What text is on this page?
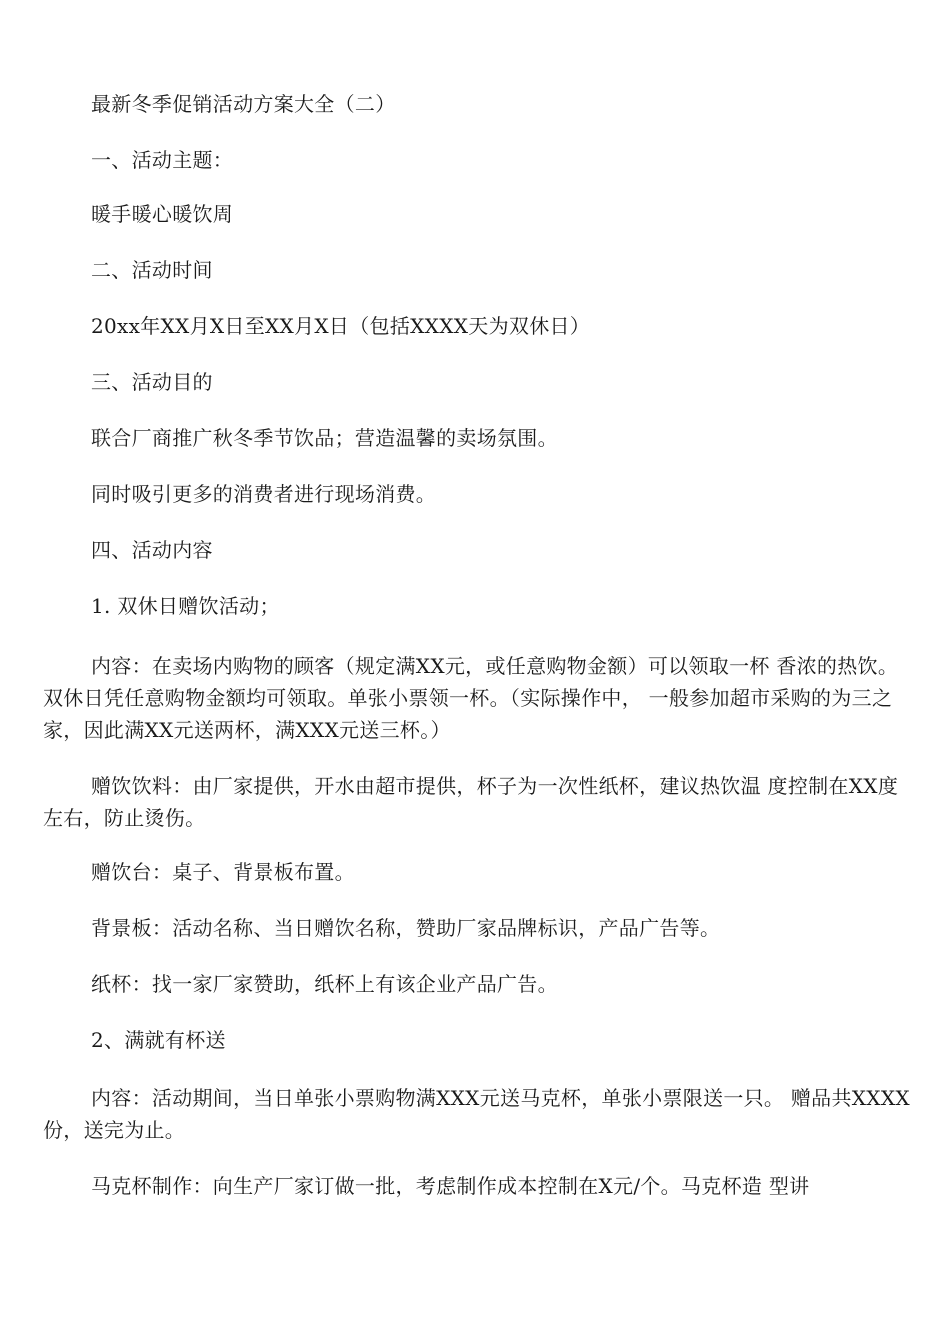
最新冬季促销活动方案大全（二）

一、活动主题：

暖手暖心暖饮周

二、活动时间

20xx年XX月X日至XX月X日（包括XXXX天为双休日）

三、活动目的

联合厂商推广秋冬季节饮品；营造温馨的卖场氛围。

同时吸引更多的消费者进行现场消费。

四、活动内容

1. 双休日赠饮活动；

内容：在卖场内购物的顾客（规定满XX元，或任意购物金额）可以领取一杯 香浓的热饮。双休日凭任意购物金额均可领取。单张小票领一杯。（实际操作中， 一般参加超市采购的为三之家，因此满XX元送两杯，满XXX元送三杯。）

赠饮饮料：由厂家提供，开水由超市提供，杯子为一次性纸杯，建议热饮温 度控制在XX度左右，防止烫伤。

赠饮台：桌子、背景板布置。

背景板：活动名称、当日赠饮名称，赞助厂家品牌标识，产品广告等。

纸杯：找一家厂家赞助，纸杯上有该企业产品广告。

2、满就有杯送

内容：活动期间，当日单张小票购物满XXX元送马克杯，单张小票限送一只。 赠品共XXXX份，送完为止。

马克杯制作：向生产厂家订做一批，考虑制作成本控制在X元/个。马克杯造 型讲
